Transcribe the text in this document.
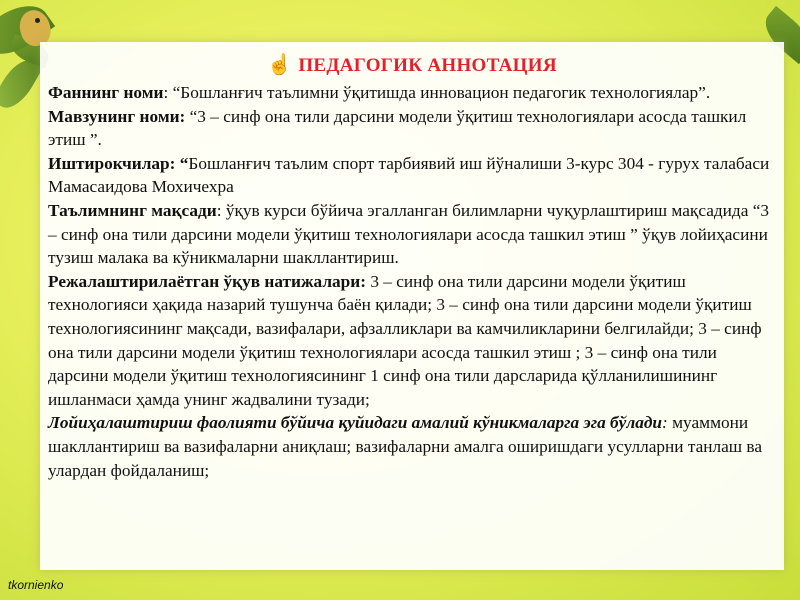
☝ ПЕДАГОГИК АННОТАЦИЯ

Фаннинг номи: “Бошланғич таълимни ўқитишда инновацион педагогик технологиялар”.

Мавзунинг номи: “3 – синф она тили дарсини модели ўқитиш технологиялари асосда ташкил этиш ”.

Иштирокчилар: “Бошланғич таълим спорт тарбиявий иш йўналиши 3-курс 304 - гурух талабаси Мамасаидова Мохичехра

Таълимнинг мақсади: ўқув курси бўйича эгалланган билимларни чуқурлаштириш мақсадида “3 – синф она тили дарсини модели ўқитиш технологиялари асосда ташкил этиш ” ўқув лойиҳасини тузиш малака ва кўникмаларни шакллантириш.

Режалаштирилаётган ўқув натижалари: 3 – синф она тили дарсини модели ўқитиш технологияси ҳақида назарий тушунча баён қилади; 3 – синф она тили дарсини модели ўқитиш технологиясининг мақсади, вазифалари, афзалликлари ва камчиликларини белгилайди; 3 – синф она тили дарсини модели ўқитиш технологиялари асосда ташкил этиш ; 3 – синф она тили дарсини модели ўқитиш технологиясининг 1 синф она тили дарсларида қўлланилишининг ишланмаси ҳамда унинг жадвалини тузади;

Лойиҳалаштириш фаолияти бўйича қуйидаги амалий кўникмаларга эга бўлади: муаммони шакллантириш ва вазифаларни аниқлаш; вазифаларни амалга оширишдаги усулларни танлаш ва улардан фойдаланиш;

tkornienko
